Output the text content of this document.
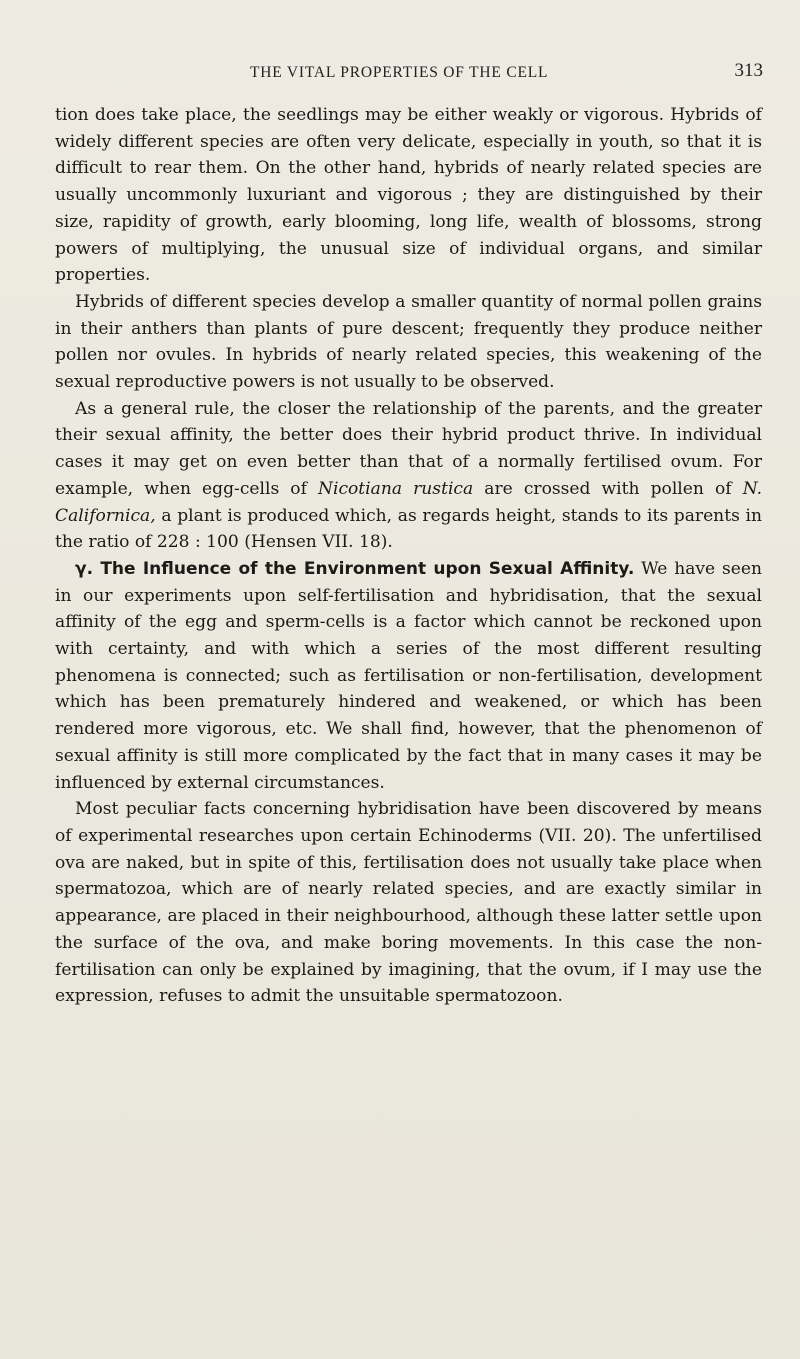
THE VITAL PROPERTIES OF THE CELL	313

tion does take place, the seedlings may be either weakly or vigorous. Hybrids of widely different species are often very delicate, especially in youth, so that it is difficult to rear them. On the other hand, hybrids of nearly related species are usually uncommonly luxuriant and vigorous ; they are distinguished by their size, rapidity of growth, early blooming, long life, wealth of blossoms, strong powers of multiplying, the unusual size of individual organs, and similar properties.

Hybrids of different species develop a smaller quantity of normal pollen grains in their anthers than plants of pure descent; frequently they produce neither pollen nor ovules. In hybrids of nearly related species, this weakening of the sexual reproductive powers is not usually to be observed.

As a general rule, the closer the relationship of the parents, and the greater their sexual affinity, the better does their hybrid product thrive. In individual cases it may get on even better than that of a normally fertilised ovum. For example, when egg-cells of Nicotiana rustica are crossed with pollen of N. Californica, a plant is produced which, as regards height, stands to its parents in the ratio of 228 : 100 (Hensen VII. 18).

γ. The Influence of the Environment upon Sexual Affinity. We have seen in our experiments upon self-fertilisation and hybridisation, that the sexual affinity of the egg and sperm-cells is a factor which cannot be reckoned upon with certainty, and with which a series of the most different resulting phenomena is connected; such as fertilisation or non-fertilisation, development which has been prematurely hindered and weakened, or which has been rendered more vigorous, etc. We shall find, however, that the phenomenon of sexual affinity is still more complicated by the fact that in many cases it may be influenced by external circumstances.

Most peculiar facts concerning hybridisation have been discovered by means of experimental researches upon certain Echinoderms (VII. 20). The unfertilised ova are naked, but in spite of this, fertilisation does not usually take place when spermatozoa, which are of nearly related species, and are exactly similar in appearance, are placed in their neighbourhood, although these latter settle upon the surface of the ova, and make boring movements. In this case the non-fertilisation can only be explained by imagining, that the ovum, if I may use the expression, refuses to admit the unsuitable spermatozoon.
